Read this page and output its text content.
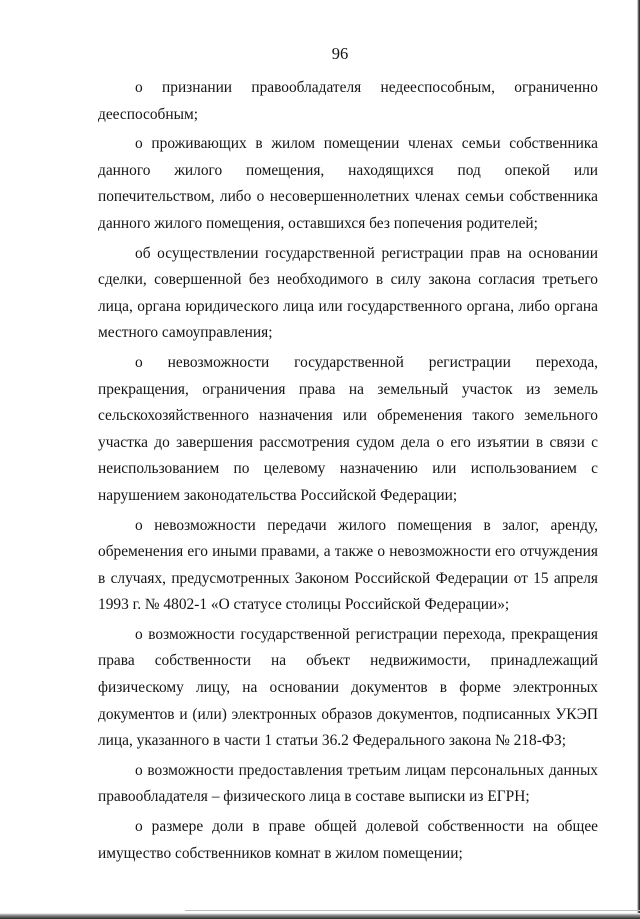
96

о признании правообладателя недееспособным, ограниченно дееспособным;

о проживающих в жилом помещении членах семьи собственника данного жилого помещения, находящихся под опекой или попечительством, либо о несовершеннолетних членах семьи собственника данного жилого помещения, оставшихся без попечения родителей;

об осуществлении государственной регистрации прав на основании сделки, совершенной без необходимого в силу закона согласия третьего лица, органа юридического лица или государственного органа, либо органа местного самоуправления;

о невозможности государственной регистрации перехода, прекращения, ограничения права на земельный участок из земель сельскохозяйственного назначения или обременения такого земельного участка до завершения рассмотрения судом дела о его изъятии в связи с неиспользованием по целевому назначению или использованием с нарушением законодательства Российской Федерации;

о невозможности передачи жилого помещения в залог, аренду, обременения его иными правами, а также о невозможности его отчуждения в случаях, предусмотренных Законом Российской Федерации от 15 апреля 1993 г. № 4802-1 «О статусе столицы Российской Федерации»;

о возможности государственной регистрации перехода, прекращения права собственности на объект недвижимости, принадлежащий физическому лицу, на основании документов в форме электронных документов и (или) электронных образов документов, подписанных УКЭП лица, указанного в части 1 статьи 36.2 Федерального закона № 218-ФЗ;

о возможности предоставления третьим лицам персональных данных правообладателя – физического лица в составе выписки из ЕГРН;

о размере доли в праве общей долевой собственности на общее имущество собственников комнат в жилом помещении;
